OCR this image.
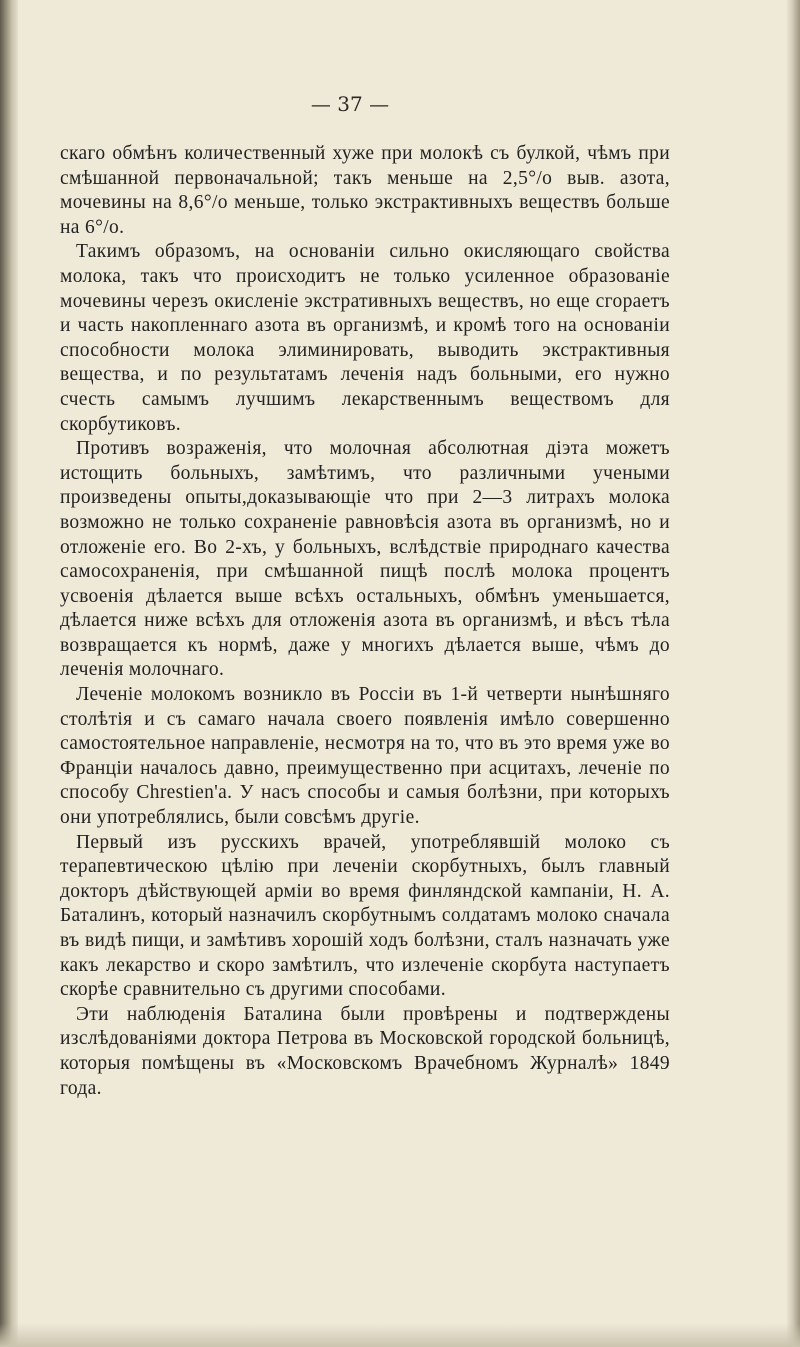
— 37 —

скаго обмѣнъ количественный хуже при молокѣ съ булкой, чѣмъ при смѣшанной первоначальной; такъ меньше на 2,5°/о выв. азота, мочевины на 8,6°/о меньше, только экстрактивныхъ веществъ больше на 6°/о.

Такимъ образомъ, на основаніи сильно окисляющаго свойства молока, такъ что происходитъ не только усиленное образованіе мочевины черезъ окисленіе экстративныхъ веществъ, но еще сгораетъ и часть накопленнаго азота въ организмѣ, и кромѣ того на основаніи способности молока элиминировать, выводить экстрактивныя вещества, и по результатамъ леченія надъ больными, его нужно счесть самымъ лучшимъ лекарственнымъ веществомъ для скорбутиковъ.

Противъ возраженія, что молочная абсолютная діэта можетъ истощить больныхъ, замѣтимъ, что различными учеными произведены опыты,доказывающіе что при 2—3 литрахъ молока возможно не только сохраненіе равновѣсія азота въ организмѣ, но и отложеніе его. Во 2-хъ, у больныхъ, вслѣдствіе природнаго качества самосохраненія, при смѣшанной пищѣ послѣ молока процентъ усвоенія дѣлается выше всѣхъ остальныхъ, обмѣнъ уменьшается, дѣлается ниже всѣхъ для отложенія азота въ организмѣ, и вѣсъ тѣла возвращается къ нормѣ, даже у многихъ дѣлается выше, чѣмъ до леченія молочнаго.

Леченіе молокомъ возникло въ Россіи въ 1-й четверти нынѣшняго столѣтія и съ самаго начала своего появленія имѣло совершенно самостоятельное направленіе, несмотря на то, что въ это время уже во Франціи началось давно, преимущественно при асцитахъ, леченіе по способу Chrestien'а. У насъ способы и самыя болѣзни, при которыхъ они употреблялись, были совсѣмъ другіе.

Первый изъ русскихъ врачей, употреблявшій молоко съ терапевтическою цѣлію при леченіи скорбутныхъ, былъ главный докторъ дѣйствующей арміи во время финляндской кампаніи, Н. А. Баталинъ, который назначилъ скорбутнымъ солдатамъ молоко сначала въ видѣ пищи, и замѣтивъ хорошій ходъ болѣзни, сталъ назначать уже какъ лекарство и скоро замѣтилъ, что излеченіе скорбута наступаетъ скорѣе сравнительно съ другими способами.

Эти наблюденія Баталина были провѣрены и подтверждены изслѣдованіями доктора Петрова въ Московской городской больницѣ, которыя помѣщены въ «Московскомъ Врачебномъ Журналѣ» 1849 года.
